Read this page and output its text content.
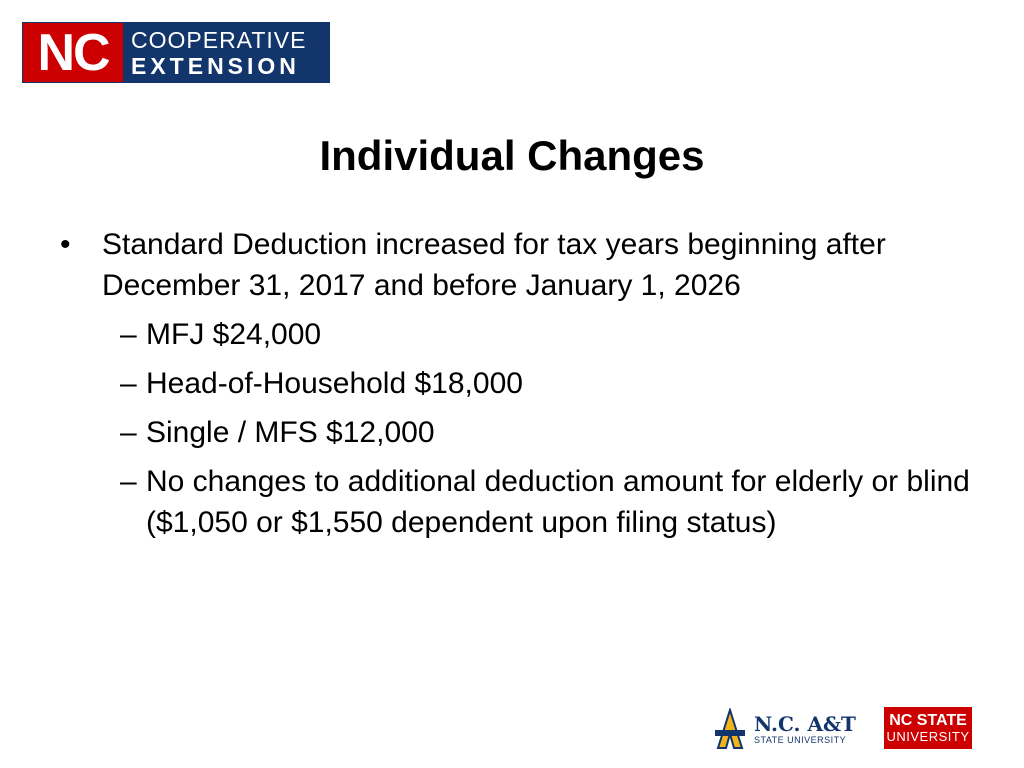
NC COOPERATIVE
EXTENSION
Individual Changes
•	Standard Deduction increased for tax years beginning after December 31, 2017 and before January 1, 2026
– MFJ $24,000
– Head-of-Household $18,000
– Single / MFS $12,000
– No changes to additional deduction amount for elderly or blind ($1,050 or $1,550 dependent upon filing status)
N.C. A&T
STATE UNIVERSITY
NC STATE
UNIVERSITY
